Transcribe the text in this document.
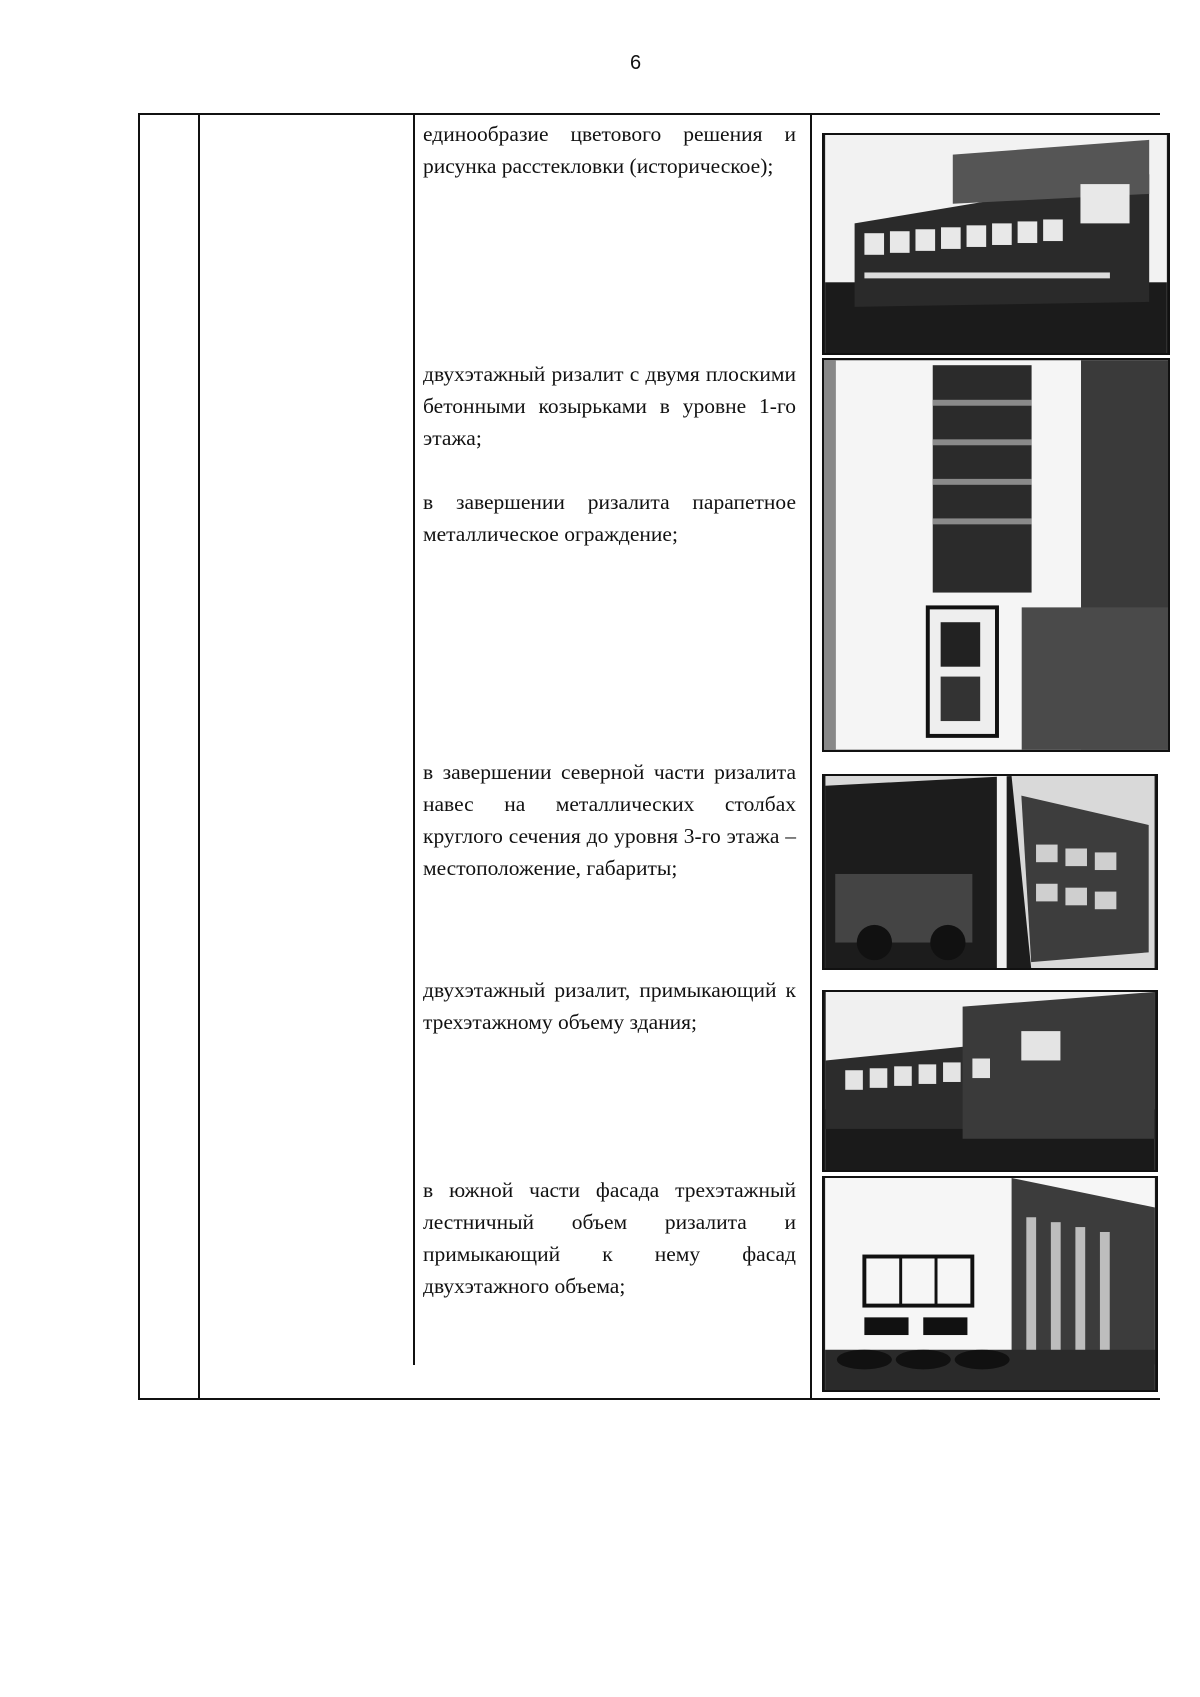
6

единообразие цветового решения и рисунка расстекловки (историческое);

двухэтажный ризалит с двумя плоскими бетонными козырьками в уровне 1-го этажа;

в завершении ризалита парапетное металлическое ограждение;

в завершении северной части ризалита навес на металлических столбах круглого сечения до уровня 3-го этажа – местоположение, габариты;

двухэтажный ризалит, примыкающий к трехэтажному объему здания;

в южной части фасада трехэтажный лестничный объем ризалита и примыкающий к нему фасад двухэтажного объема;
